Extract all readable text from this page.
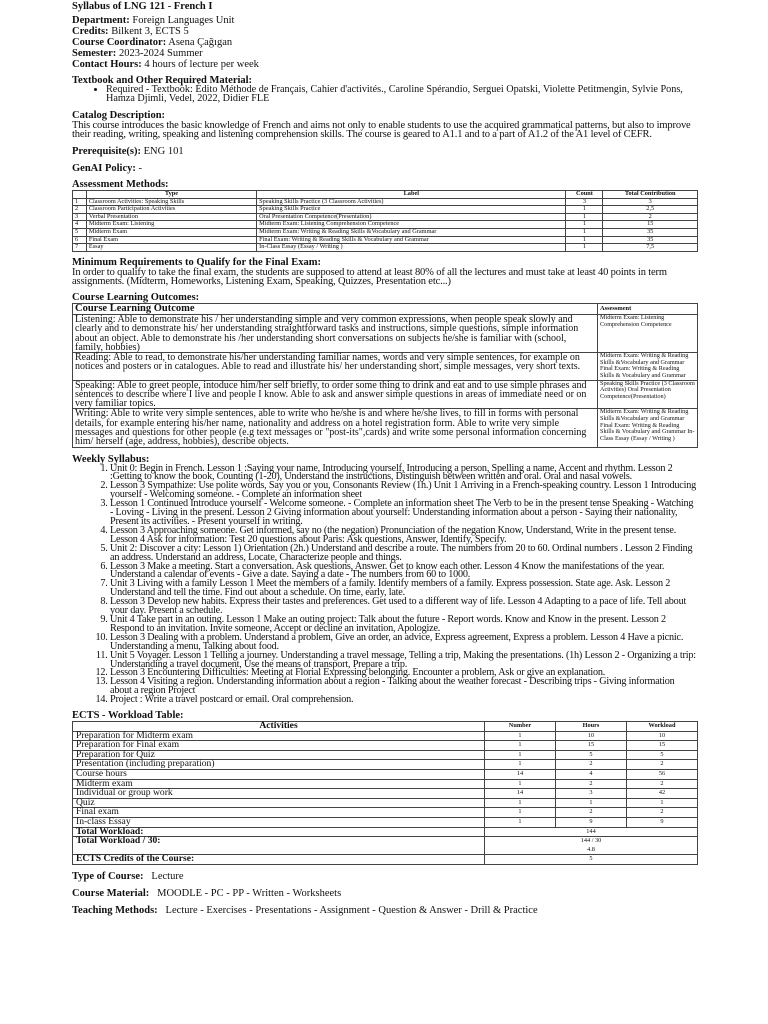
Syllabus of LNG 121 - French I
Department: Foreign Languages Unit
Credits: Bilkent 3, ECTS 5
Course Coordinator: Asena Çağıgan
Semester: 2023-2024 Summer
Contact Hours: 4 hours of lecture per week
Textbook and Other Required Material:
• Required - Textbook: Édito Méthode de Français, Cahier d'activités., Caroline Spérandio, Serguei Opatski, Violette Petitmengin, Sylvie Pons, Hamza Djimli, Vedel, 2022, Didier FLE
Catalog Description:
This course introduces the basic knowledge of French and aims not only to enable students to use the acquired grammatical patterns, but also to improve their reading, writing, speaking and listening comprehension skills. The course is geared to A1.1 and to a part of A1.2 of the A1 level of CEFR.
Prerequisite(s): ENG 101
GenAI Policy: -
Assessment Methods:
	Type	Label	Count	Total Contribution
1	Classroom Activities: Speaking Skills	Speaking Skills Practice (3 Classroom Activities)	3	3
2	Classroom Participation Activities	Speaking Skills Practice	1	2,5
3	Verbal Presentation	Oral Presentation Competence(Presentation)	1	2
4	Midterm Exam: Listening	Midterm Exam: Listening Comprehension Competence	1	15
5	Midterm Exam	Midterm Exam: Writing & Reading Skills &Vocabulary and Grammar	1	35
6	Final Exam	Final Exam: Writing & Reading Skills & Vocabulary and Grammar	1	35
7	Essay	In-Class Essay (Essay / Writing )	1	7,5
Minimum Requirements to Qualify for the Final Exam:
In order to qualify to take the final exam, the students are supposed to attend at least 80% of all the lectures and must take at least 40 points in term assignments. (Midterm, Homeworks, Listening Exam, Speaking, Quizzes, Presentation etc...)
Course Learning Outcomes:
Course Learning Outcome	Assessment
Listening: Able to demonstrate his / her understanding simple and very common expressions, when people speak slowly and clearly and to demonstrate his/ her understanding straightforward tasks and instructions, simple questions, simple information about an object. Able to demonstrate his /her understanding short conversations on subjects he/she is familiar with (school, family, hobbies)	Midterm Exam: Listening Comprehension Competence
Reading: Able to read, to demonstrate his/her understanding familiar names, words and very simple sentences, for example on notices and posters or in catalogues. Able to read and illustrate his/ her understanding short, simple messages, very short texts.	Midterm Exam: Writing & Reading Skills &Vocabulary and Grammar Final Exam: Writing & Reading Skills & Vocabulary and Grammar
Speaking: Able to greet people, intoduce him/her self briefly, to order some thing to drink and eat and to use simple phrases and sentences to describe where I live and people I know. Able to ask and answer simple questions in areas of immediate need or on very familiar topics.	Speaking Skills Practice (3 Classroom Activities) Oral Presentation Competence(Presentation)
Writing: Able to write very simple sentences, able to write who he/she is and where he/she lives, to fill in forms with personal details, for example entering his/her name, nationality and address on a hotel registration form. Able to write very simple messages and questions for other people (e.g text messages or "post-its",cards) and write some personal information concerning him/ herself (age, address, hobbies), describe objects.	Midterm Exam: Writing & Reading Skills &Vocabulary and Grammar Final Exam: Writing & Reading Skills & Vocabulary and Grammar In-Class Essay (Essay / Writing )
Weekly Syllabus:
1. Unit 0: Begin in French. Lesson 1 :Saying your name, Introducing yourself, Introducing a person, Spelling a name, Accent and rhythm. Lesson 2 :Getting to know the book, Counting (1-20), Understand the instructions, Distinguish between written and oral. Oral and nasal vowels.
2. Lesson 3 Sympathize: Use polite words, Say you or you, Consonants Review (1h.) Unit 1 Arriving in a French-speaking country. Lesson 1 Introducing yourself - Welcoming someone. - Complete an information sheet
3. Lesson 1 Continued Introduce yourself - Welcome someone. - Complete an information sheet The Verb to be in the present tense Speaking - Watching - Loving - Living in the present. Lesson 2 Giving information about yourself: Understanding information about a person - Saying their nationality, Present its activities. - Present yourself in writing.
4. Lesson 3 Approaching someone. Get informed, say no (the negation) Pronunciation of the negation Know, Understand, Write in the present tense. Lesson 4 Ask for information: Test 20 questions about Paris: Ask questions, Answer, Identify, Specify.
5. Unit 2: Discover a city: Lesson 1) Orientation (2h.) Understand and describe a route. The numbers from 20 to 60. Ordinal numbers . Lesson 2 Finding an address. Understand an address, Locate, Characterize people and things.
6. Lesson 3 Make a meeting. Start a conversation. Ask questions, Answer. Get to know each other. Lesson 4 Know the manifestations of the year. Understand a calendar of events - Give a date. Saying a date - The numbers from 60 to 1000.
7. Unit 3 Living with a family Lesson 1 Meet the members of a family. Identify members of a family. Express possession. State age. Ask. Lesson 2 Understand and tell the time. Find out about a schedule. On time, early, late.
8. Lesson 3 Develop new habits. Express their tastes and preferences. Get used to a different way of life. Lesson 4 Adapting to a pace of life. Tell about your day. Present a schedule.
9. Unit 4 Take part in an outing. Lesson 1 Make an outing project: Talk about the future - Report words. Know and Know in the present. Lesson 2 Respond to an invitation. Invite someone, Accept or decline an invitation, Apologize.
10. Lesson 3 Dealing with a problem. Understand a problem, Give an order, an advice, Express agreement, Express a problem. Lesson 4 Have a picnic. Understanding a menu, Talking about food.
11. Unit 5 Voyager. Lesson 1 Telling a journey. Understanding a travel message, Telling a trip, Making the presentations. (1h) Lesson 2 - Organizing a trip: Understanding a travel document, Use the means of transport, Prepare a trip.
12. Lesson 3 Encountering Difficulties: Meeting at Florial Expressing belonging. Encounter a problem, Ask or give an explanation.
13. Lesson 4 Visiting a region. Understanding information about a region - Talking about the weather forecast - Describing trips - Giving information about a region Project
14. Project : Write a travel postcard or email. Oral comprehension.
ECTS - Workload Table:
Activities	Number	Hours	Workload
Preparation for Midterm exam	1	10	10
Preparation for Final exam	1	15	15
Preparation for Quiz	1	5	5
Presentation (including preparation)	1	2	2
Course hours	14	4	56
Midterm exam	1	2	2
Individual or group work	14	3	42
Quiz	1	1	1
Final exam	1	2	2
In-class Essay	1	9	9
Total Workload:	144		
Total Workload / 30:	144 / 30
4.8		
ECTS Credits of the Course:	5		
Type of Course: Lecture
Course Material: MOODLE - PC - PP - Written - Worksheets
Teaching Methods: Lecture - Exercises - Presentations - Assignment - Question & Answer - Drill & Practice
